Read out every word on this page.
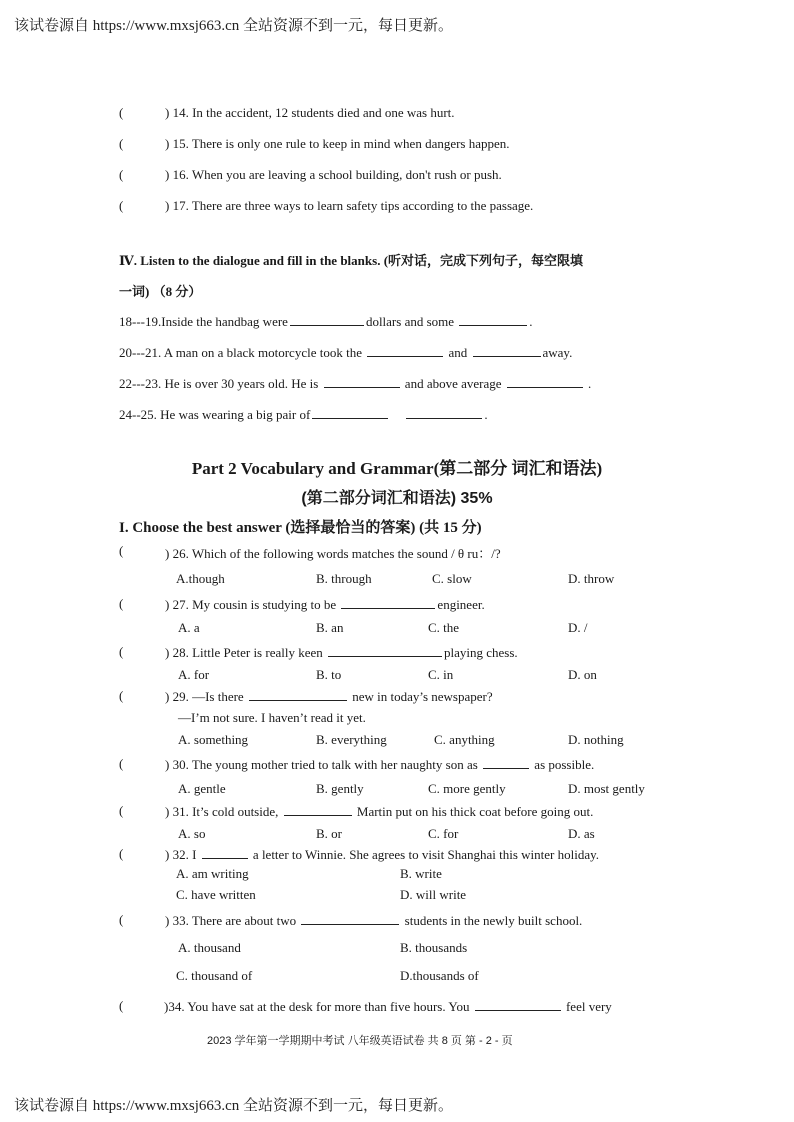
该试卷源自 https://www.mxsj663.cn 全站资源不到一元，每日更新。
(	) 14. In the accident, 12 students died and one was hurt.
(	) 15. There is only one rule to keep in mind when dangers happen.
(	) 16. When you are leaving a school building, don't rush or push.
(	) 17. There are three ways to learn safety tips according to the passage.
Ⅳ. Listen to the dialogue and fill in the blanks. (听对话，完成下列句子，每空限填
一词) （8 分）
18---19.Inside the handbag were	dollars and some	.
20---21. A man on a black motorcycle took the	and	away.
22---23. He is over 30 years old. He is	and above average	.
24--25. He was wearing a big pair of	.
Part 2 Vocabulary and Grammar(第二部分 词汇和语法)
(第二部分词汇和语法) 35%
I. Choose the best answer (选择最恰当的答案) (共 15 分)
(	) 26. Which of the following words matches the sound / θ ru：/?
A.though	B. through	C. slow	D. throw
(	) 27. My cousin is studying to be	engineer.
A. a	B. an	C. the	D. /
(	) 28. Little Peter is really keen	playing chess.
A. for	B. to	C. in	D. on
(	) 29. —Is there	new in today’s newspaper?
—I’m not sure. I haven’t read it yet.
A. something	B. everything	C. anything	D. nothing
(	) 30. The young mother tried to talk with her naughty son as	as possible.
A. gentle	B. gently	C. more gently	D. most gently
(	) 31. It’s cold outside,	Martin put on his thick coat before going out.
A. so	B. or	C. for	D. as
(	) 32. I	a letter to Winnie. She agrees to visit Shanghai this winter holiday.
A. am writing	B. write
C. have written	D. will write
(	) 33. There are about two	students in the newly built school.
A. thousand	B. thousands
C. thousand of	D.thousands of
(	)34. You have sat at the desk for more than five hours. You	feel very
2023 学年第一学期期中考试 八年级英语试卷 共 8 页 第 - 2 - 页
该试卷源自 https://www.mxsj663.cn 全站资源不到一元，每日更新。
